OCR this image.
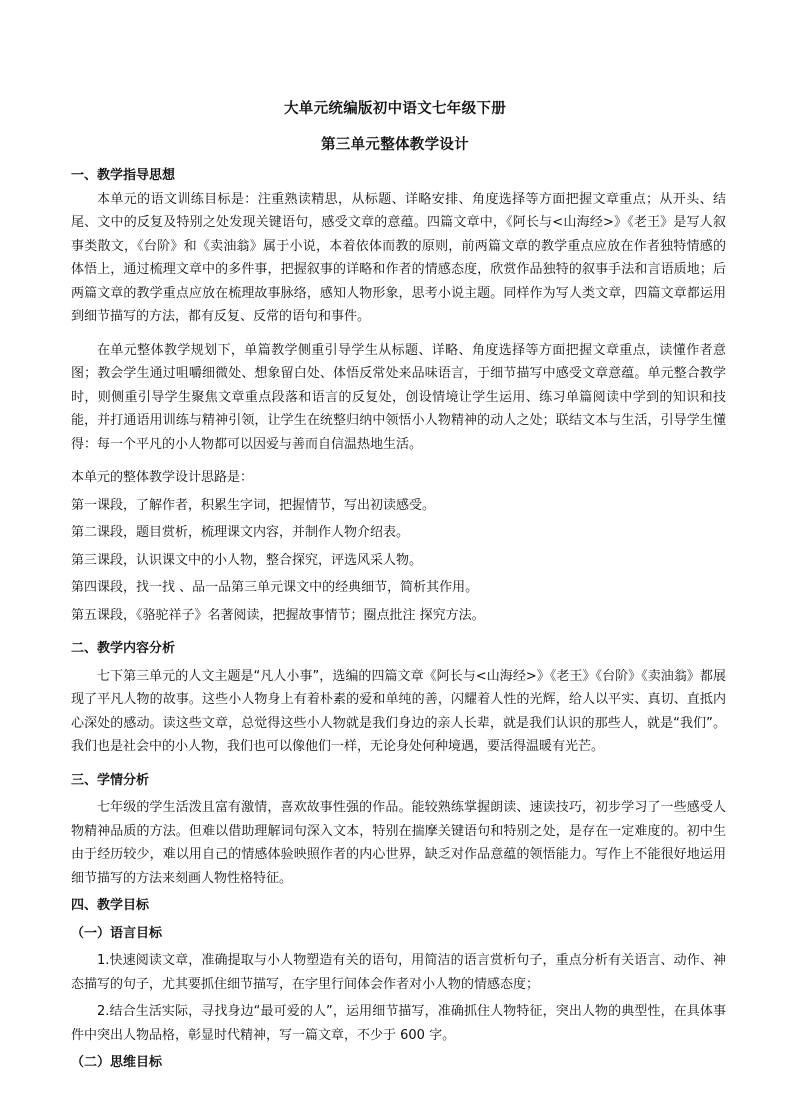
大单元统编版初中语文七年级下册
第三单元整体教学设计

一、教学指导思想

本单元的语文训练目标是：注重熟读精思，从标题、详略安排、角度选择等方面把握文章重点；从开头、结尾、文中的反复及特别之处发现关键语句，感受文章的意蕴。四篇文章中，《阿长与<山海经>》《老王》是写人叙事类散文，《台阶》和《卖油翁》属于小说，本着依体而教的原则，前两篇文章的教学重点应放在作者独特情感的体悟上，通过梳理文章中的多件事，把握叙事的详略和作者的情感态度，欣赏作品独特的叙事手法和言语质地；后两篇文章的教学重点应放在梳理故事脉络，感知人物形象，思考小说主题。同样作为写人类文章，四篇文章都运用到细节描写的方法，都有反复、反常的语句和事件。

在单元整体教学规划下，单篇教学侧重引导学生从标题、详略、角度选择等方面把握文章重点，读懂作者意图；教会学生通过咀嚼细微处、想象留白处、体悟反常处来品味语言，于细节描写中感受文章意蕴。单元整合教学时，则侧重引导学生聚焦文章重点段落和语言的反复处，创设情境让学生运用、练习单篇阅读中学到的知识和技能，并打通语用训练与精神引领，让学生在统整归纳中领悟小人物精神的动人之处；联结文本与生活，引导学生懂得：每一个平凡的小人物都可以因爱与善而自信温热地生活。

本单元的整体教学设计思路是：

第一课段，了解作者，积累生字词，把握情节，写出初读感受。

第二课段，题目赏析，梳理课文内容，并制作人物介绍表。

第三课段，认识课文中的小人物，整合探究，评选风采人物。

第四课段，找一找 、品一品第三单元课文中的经典细节，简析其作用。

第五课段，《骆驼祥子》名著阅读，把握故事情节；圈点批注 探究方法。

二、教学内容分析

七下第三单元的人文主题是“凡人小事”，选编的四篇文章《阿长与<山海经>》《老王》《台阶》《卖油翁》都展现了平凡人物的故事。这些小人物身上有着朴素的爱和单纯的善，闪耀着人性的光辉，给人以平实、真切、直抵内心深处的感动。读这些文章，总觉得这些小人物就是我们身边的亲人长辈，就是我们认识的那些人，就是“我们”。我们也是社会中的小人物，我们也可以像他们一样，无论身处何种境遇，要活得温暖有光芒。

三、学情分析

七年级的学生活泼且富有激情，喜欢故事性强的作品。能较熟练掌握朗读、速读技巧，初步学习了一些感受人物精神品质的方法。但难以借助理解词句深入文本，特别在揣摩关键语句和特别之处，是存在一定难度的。初中生由于经历较少，难以用自己的情感体验映照作者的内心世界，缺乏对作品意蕴的领悟能力。写作上不能很好地运用细节描写的方法来刻画人物性格特征。

四、教学目标

（一）语言目标

1.快速阅读文章，准确提取与小人物塑造有关的语句，用简洁的语言赏析句子，重点分析有关语言、动作、神态描写的句子，尤其要抓住细节描写，在字里行间体会作者对小人物的情感态度；

2.结合生活实际，寻找身边“最可爱的人”，运用细节描写，准确抓住人物特征，突出人物的典型性，在具体事件中突出人物品格，彰显时代精神，写一篇文章，不少于 600 字。

（二）思维目标
